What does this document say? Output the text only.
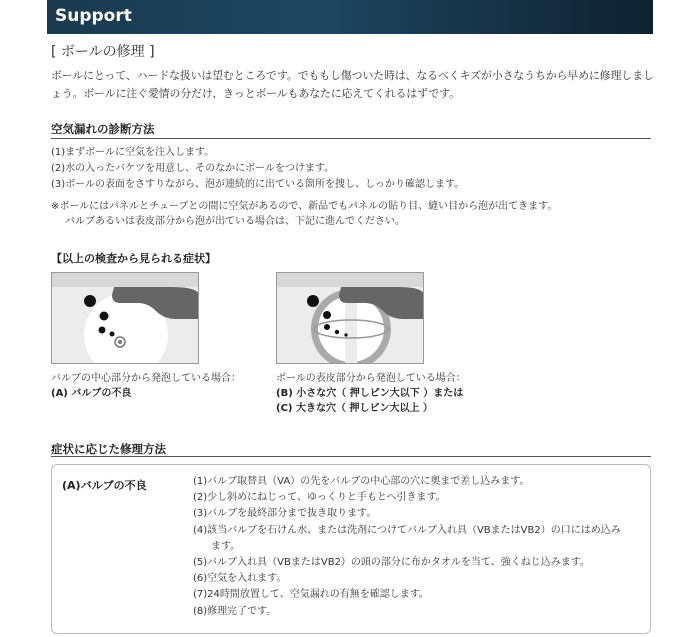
Support
[ ボールの修理 ]

ボールにとって、ハードな扱いは望むところです。でももし傷ついた時は、なるべくキズが小さなうちから早めに修理しましょう。ボールに注ぐ愛情の分だけ、きっとボールもあなたに応えてくれるはずです。

空気漏れの診断方法
(1)まずボールに空気を注入します。
(2)水の入ったバケツを用意し、そのなかにボールをつけます。
(3)ボールの表面をさすりながら、泡が連続的に出ている箇所を捜し、しっかり確認します。
※ボールにはパネルとチューブとの間に空気があるので、新品でもパネルの貼り目、縫い目から泡が出てきます。
バルブあるいは表皮部分から泡が出ている場合は、下記に進んでください。
【以上の検査から見られる症状】
バルブの中心部分から発泡している場合：
(A) バルブの不良
ボールの表皮部分から発泡している場合：
(B) 小さな穴（ 押しピン大以下 ）または
(C) 大きな穴（ 押しピン大以上 ）
症状に応じた修理方法
(A)バルブの不良	(1)バルブ取替具（VA）の先をバルブの中心部の穴に奥まで差し込みます。
(2)少し斜めにねじって、ゆっくりと手もとへ引きます。
(3)バルブを最終部分まで抜き取ります。
(4)該当バルブを石けん水、または洗剤につけてバルブ入れ具（VBまたはVB2）の口にはめ込み
ます。
(5)バルブ入れ具（VBまたはVB2）の頭の部分に布かタオルを当て、強くねじ込みます。
(6)空気を入れます。
(7)24時間放置して、空気漏れの有無を確認します。
(8)修理完了です。
